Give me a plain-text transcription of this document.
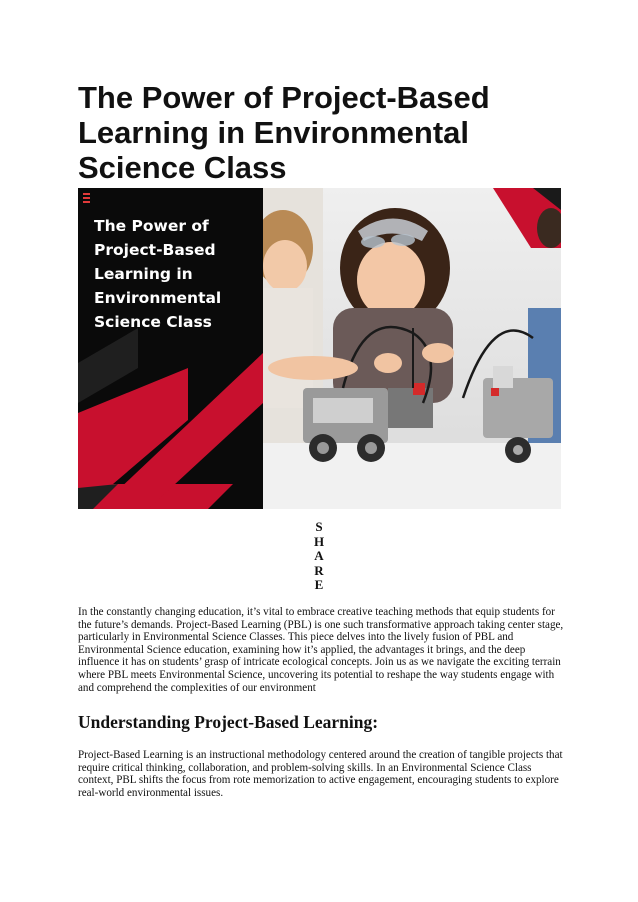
The Power of Project-Based Learning in Environmental Science Class
The Power of Project-Based Learning in Environmental Science Class
S
H
A
R
E

In the constantly changing education, it’s vital to embrace creative teaching methods that equip students for the future’s demands. Project-Based Learning (PBL) is one such transformative approach taking center stage, particularly in Environmental Science Classes. This piece delves into the lively fusion of PBL and Environmental Science education, examining how it’s applied, the advantages it brings, and the deep influence it has on students’ grasp of intricate ecological concepts. Join us as we navigate the exciting terrain where PBL meets Environmental Science, uncovering its potential to reshape the way students engage with and comprehend the complexities of our environment

Understanding Project-Based Learning:

Project-Based Learning is an instructional methodology centered around the creation of tangible projects that require critical thinking, collaboration, and problem-solving skills. In an Environmental Science Class context, PBL shifts the focus from rote memorization to active engagement, encouraging students to explore real-world environmental issues.
